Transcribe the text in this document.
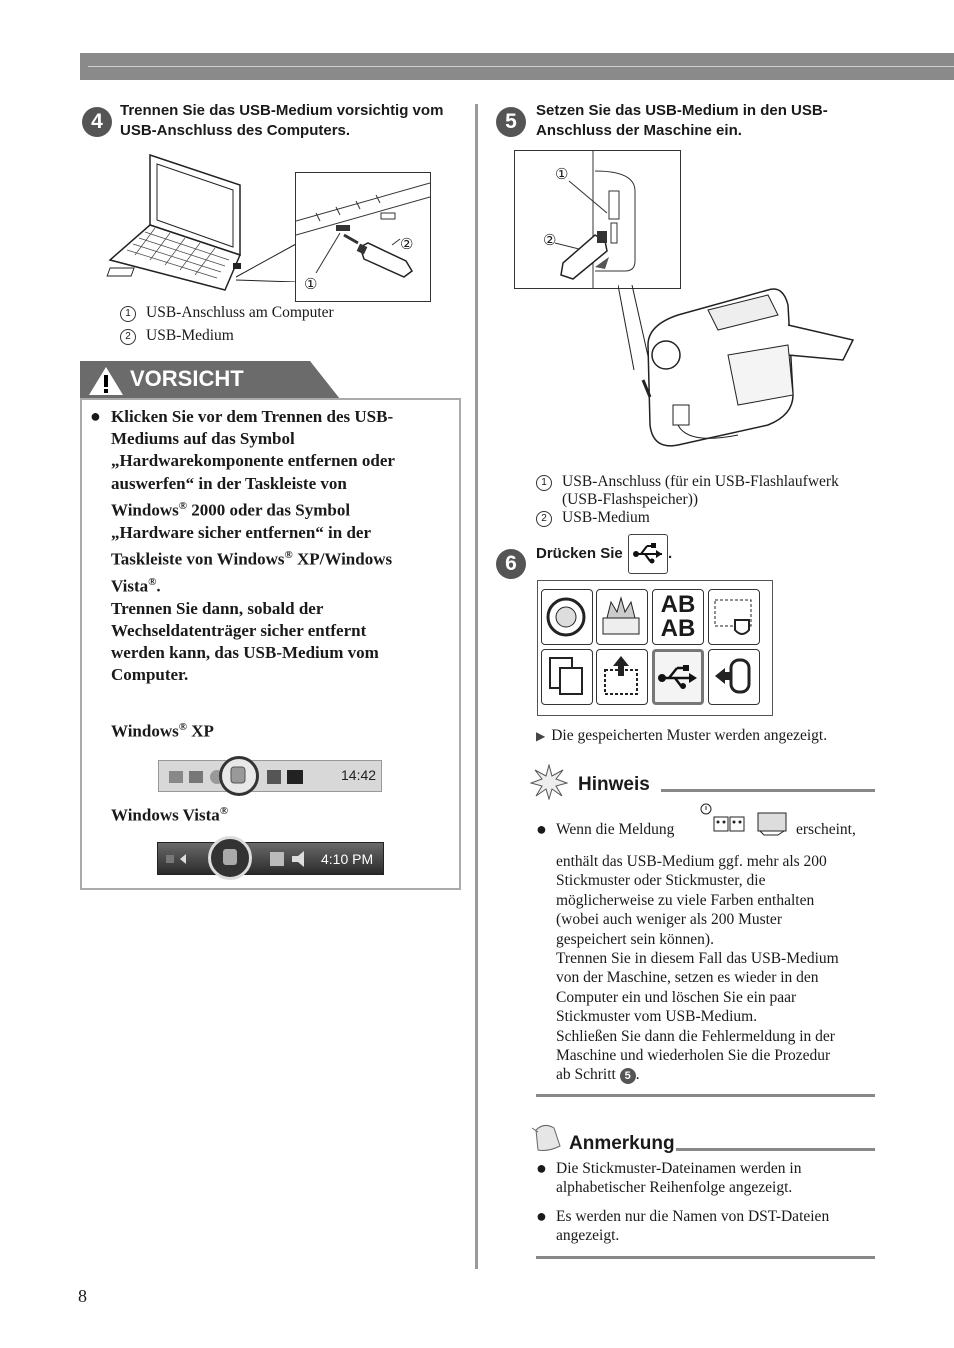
4	Trennen Sie das USB-Medium vorsichtig vom USB-Anschluss des Computers.
①
②
1 USB-Anschluss am Computer
2 USB-Medium
VORSICHT
● Klicken Sie vor dem Trennen des USB-
Mediums auf das Symbol
„Hardwarekomponente entfernen oder
auswerfen“ in der Taskleiste von
Windows® 2000 oder das Symbol
„Hardware sicher entfernen“ in der
Taskleiste von Windows® XP/Windows
Vista®.
Trennen Sie dann, sobald der
Wechseldatenträger sicher entfernt
werden kann, das USB-Medium vom
Computer.
Windows® XP
14:42
Windows Vista®
4:10 PM
5	Setzen Sie das USB-Medium in den USB-Anschluss der Maschine ein.
①
②
1 USB-Anschluss (für ein USB-Flashlaufwerk
(USB-Flashspeicher))
2 USB-Medium
6	Drücken Sie	.
AB
AB
▶ Die gespeicherten Muster werden angezeigt.
Hinweis
● Wenn die Meldung	erscheint,
enthält das USB-Medium ggf. mehr als 200
Stickmuster oder Stickmuster, die
möglicherweise zu viele Farben enthalten
(wobei auch weniger als 200 Muster
gespeichert sein können).
Trennen Sie in diesem Fall das USB-Medium
von der Maschine, setzen es wieder in den
Computer ein und löschen Sie ein paar
Stickmuster vom USB-Medium.
Schließen Sie dann die Fehlermeldung in der
Maschine und wiederholen Sie die Prozedur
ab Schritt 5 .
Anmerkung
● Die Stickmuster-Dateinamen werden in
alphabetischer Reihenfolge angezeigt.
● Es werden nur die Namen von DST-Dateien
angezeigt.
8
